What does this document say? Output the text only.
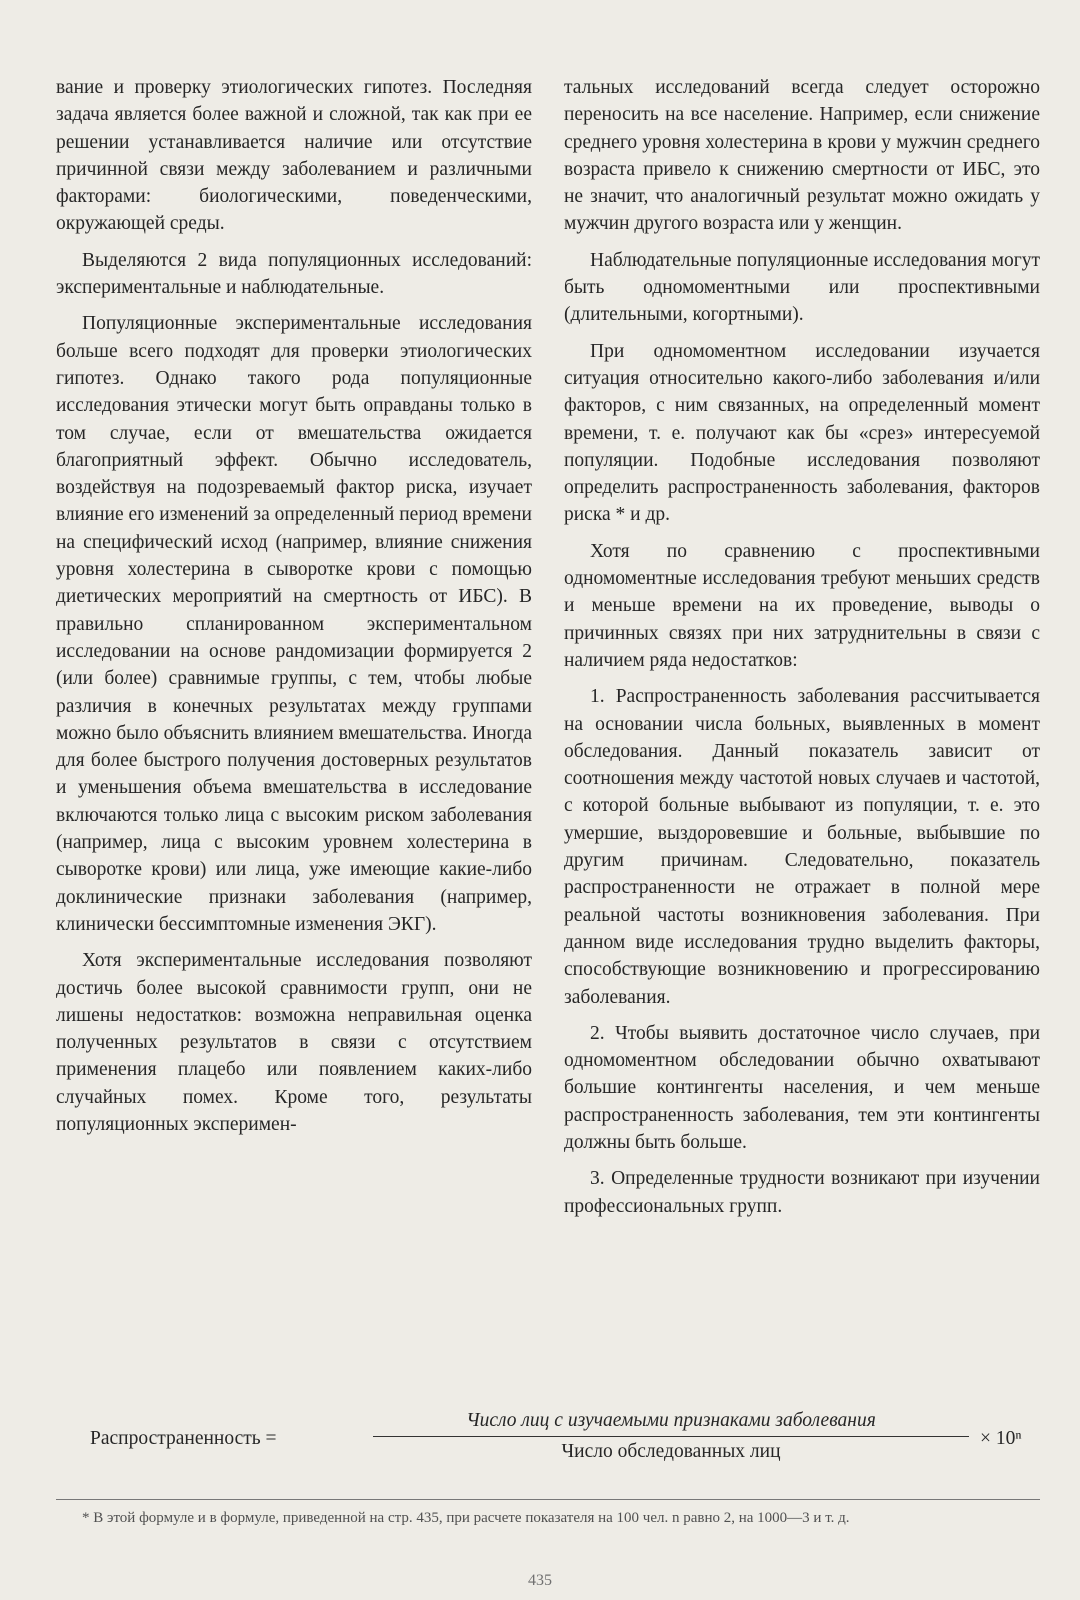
вание и проверку этиологических гипотез. Последняя задача является более важной и сложной, так как при ее решении устанавливается наличие или отсутствие причинной связи между заболеванием и различными факторами: биологическими, поведенческими, окружающей среды.

Выделяются 2 вида популяционных исследований: экспериментальные и наблюдательные.

Популяционные экспериментальные исследования больше всего подходят для проверки этиологических гипотез. Однако такого рода популяционные исследования этически могут быть оправданы только в том случае, если от вмешательства ожидается благоприятный эффект. Обычно исследователь, воздействуя на подозреваемый фактор риска, изучает влияние его изменений за определенный период времени на специфический исход (например, влияние снижения уровня холестерина в сыворотке крови с помощью диетических мероприятий на смертность от ИБС). В правильно спланированном экспериментальном исследовании на основе рандомизации формируется 2 (или более) сравнимые группы, с тем, чтобы любые различия в конечных результатах между группами можно было объяснить влиянием вмешательства. Иногда для более быстрого получения достоверных результатов и уменьшения объема вмешательства в исследование включаются только лица с высоким риском заболевания (например, лица с высоким уровнем холестерина в сыворотке крови) или лица, уже имеющие какие-либо доклинические признаки заболевания (например, клинически бессимптомные изменения ЭКГ).

Хотя экспериментальные исследования позволяют достичь более высокой сравнимости групп, они не лишены недостатков: возможна неправильная оценка полученных результатов в связи с отсутствием применения плацебо или появлением каких-либо случайных помех. Кроме того, результаты популяционных эксперимен-

тальных исследований всегда следует осторожно переносить на все население. Например, если снижение среднего уровня холестерина в крови у мужчин среднего возраста привело к снижению смертности от ИБС, это не значит, что аналогичный результат можно ожидать у мужчин другого возраста или у женщин.

Наблюдательные популяционные исследования могут быть одномоментными или проспективными (длительными, когортными).

При одномоментном исследовании изучается ситуация относительно какого-либо заболевания и/или факторов, с ним связанных, на определенный момент времени, т. е. получают как бы «срез» интересуемой популяции. Подобные исследования позволяют определить распространенность заболевания, факторов риска * и др.

Хотя по сравнению с проспективными одномоментные исследования требуют меньших средств и меньше времени на их проведение, выводы о причинных связях при них затруднительны в связи с наличием ряда недостатков:

1. Распространенность заболевания рассчитывается на основании числа больных, выявленных в момент обследования. Данный показатель зависит от соотношения между частотой новых случаев и частотой, с которой больные выбывают из популяции, т. е. это умершие, выздоровевшие и больные, выбывшие по другим причинам. Следовательно, показатель распространенности не отражает в полной мере реальной частоты возникновения заболевания. При данном виде исследования трудно выделить факторы, способствующие возникновению и прогрессированию заболевания.

2. Чтобы выявить достаточное число случаев, при одномоментном обследовании обычно охватывают большие контингенты населения, и чем меньше распространенность заболевания, тем эти контингенты должны быть больше.

3. Определенные трудности возникают при изучении профессиональных групп.

Распространенность =
Число лиц с изучаемыми признаками заболевания
Число обследованных лиц
× 10ⁿ

* В этой формуле и в формуле, приведенной на стр. 435, при расчете показателя на 100 чел. n равно 2, на 1000—3 и т. д.

435
